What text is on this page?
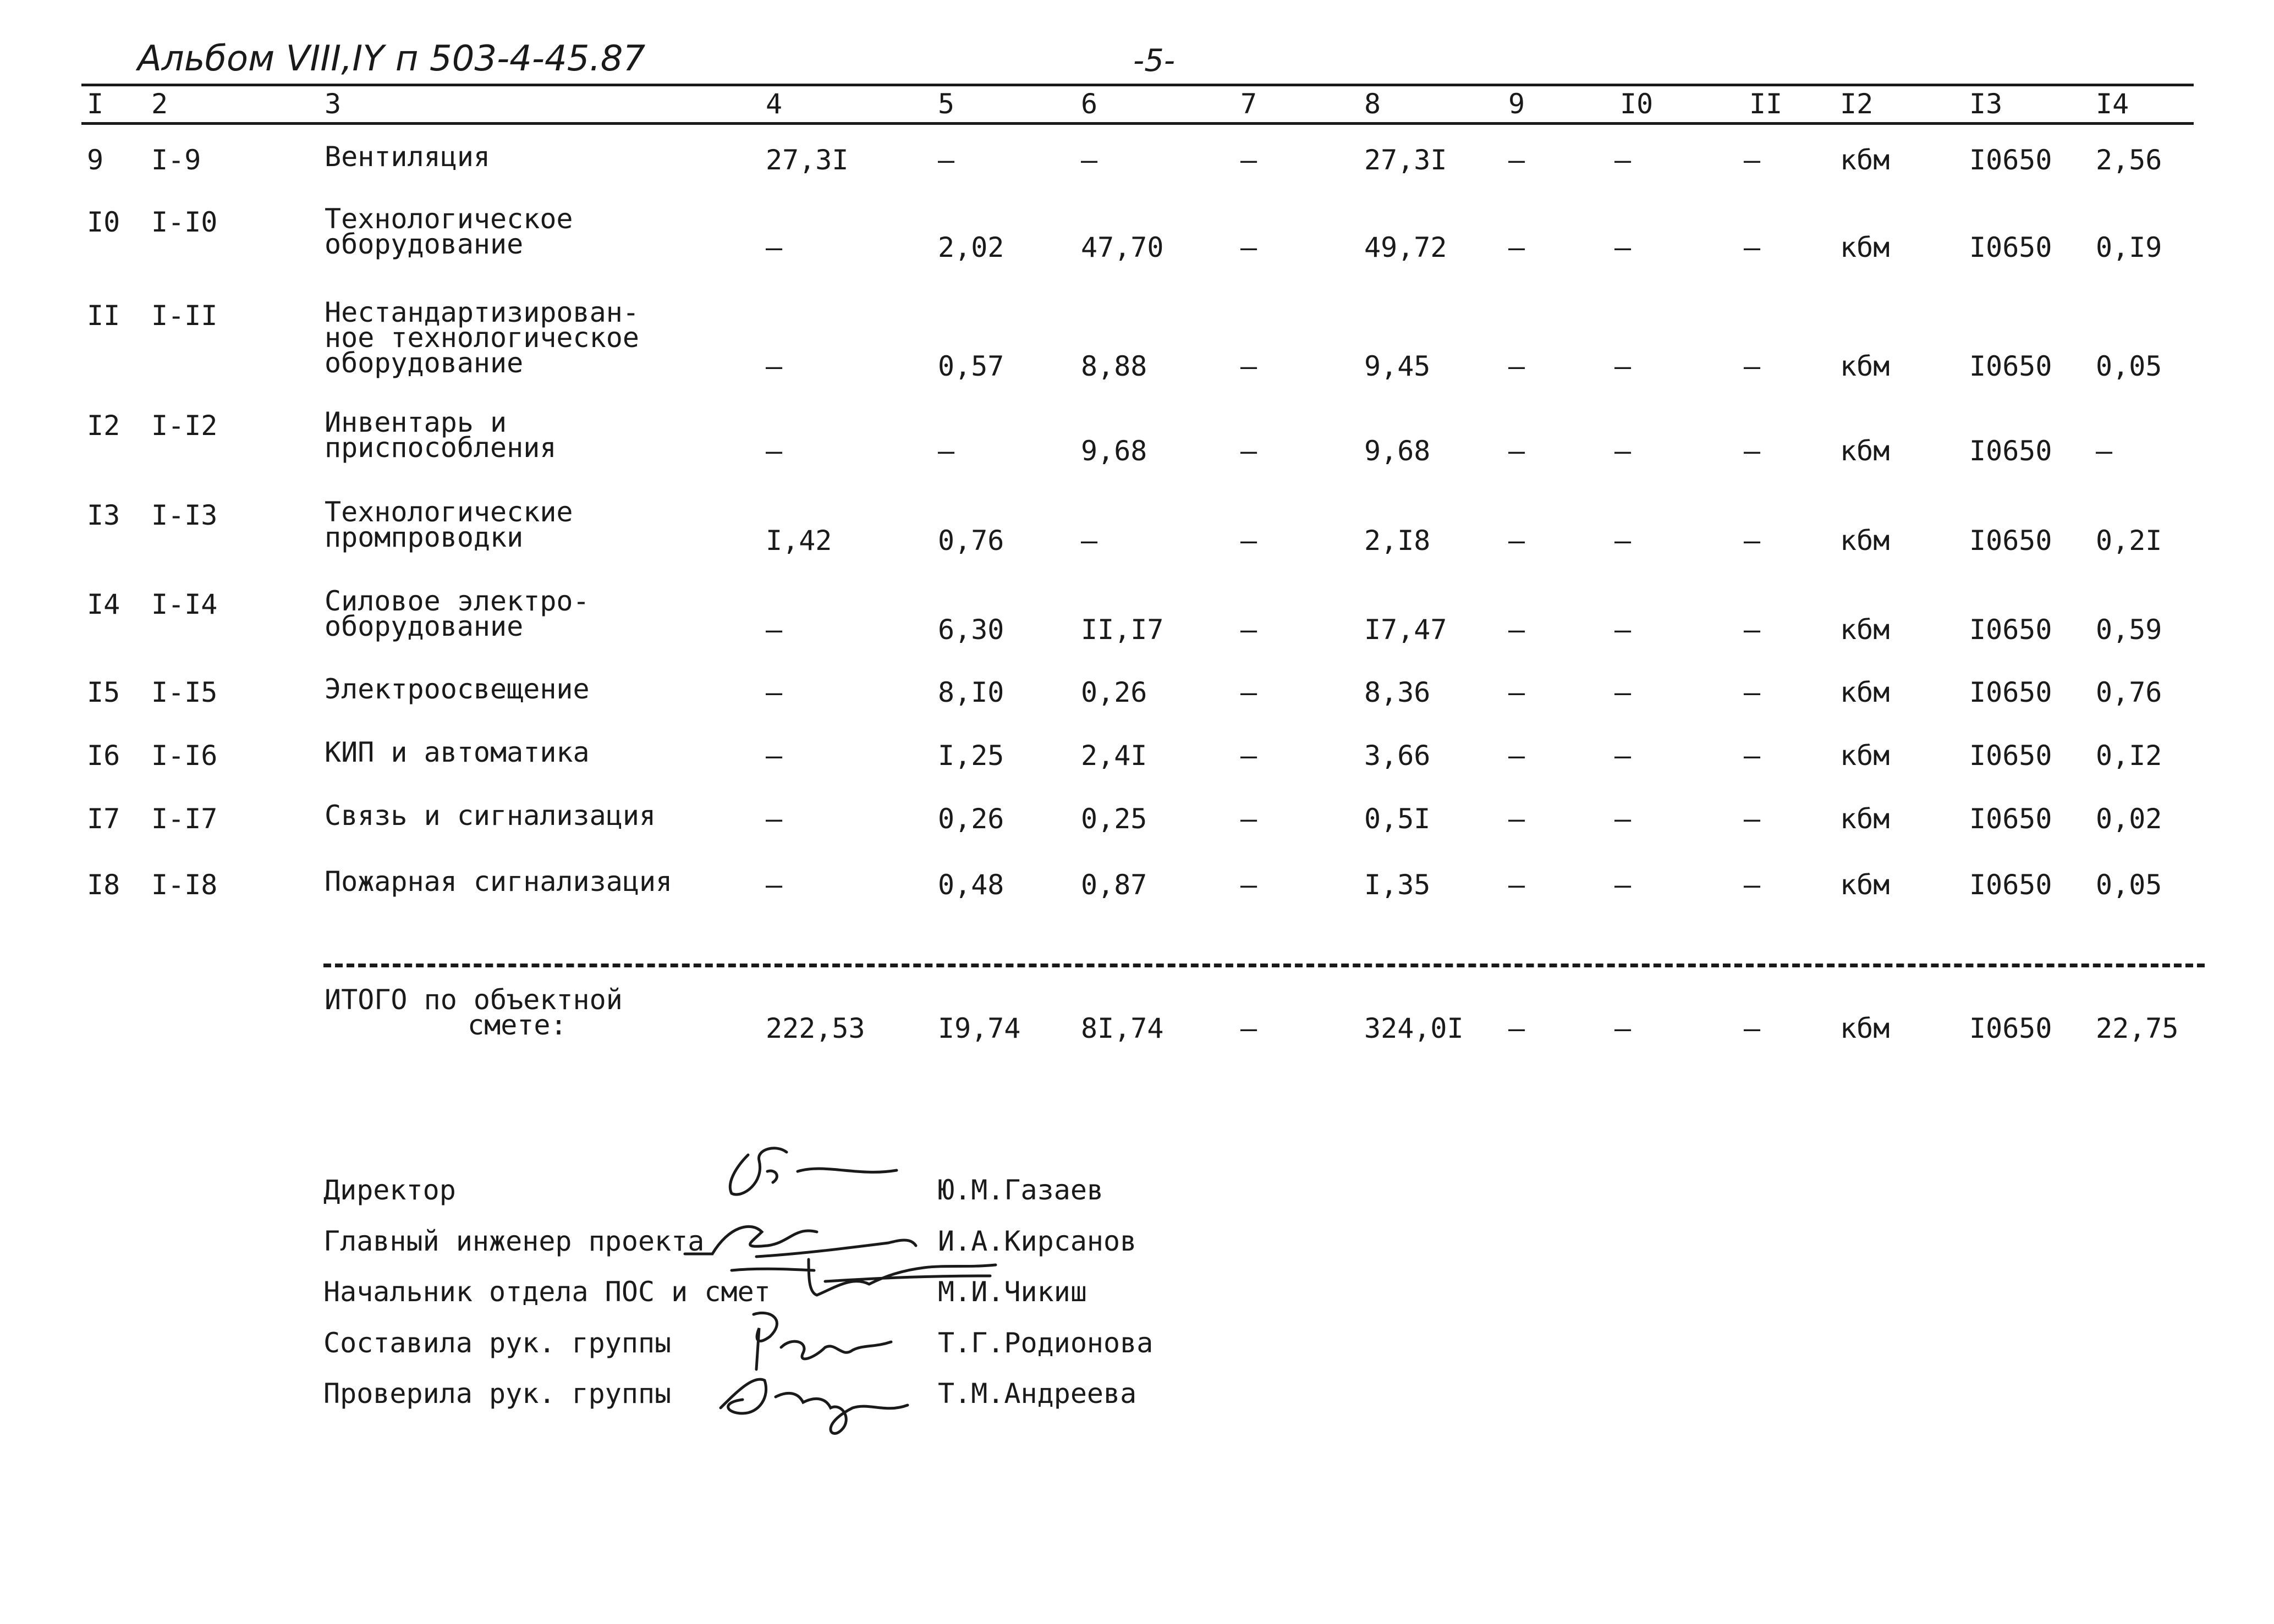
Альбом VIII,IY п 503-4-45.87	-5-
I 2	3	4	5	6	7	8	9	I0	II I2	I3	I4
9 I-9	Вентиляция	27,3I	–	–	–	27,3I –	–	–	кбм	I0650 2,56
I0 I-I0	Технологическое
оборудование	–	2,02	47,70	–	49,72 –	–	–	кбм	I0650 0,I9
II I-II	Нестандартизирован-
ное технологическое
оборудование	–	0,57	8,88	–	9,45	–	–	–	кбм	I0650 0,05
I2 I-I2	Инвентарь и
приспособления	–	–	9,68	–	9,68	–	–	–	кбм	I0650 –
I3 I-I3	Технологические
промпроводки	I,42	0,76	–	–	2,I8	–	–	–	кбм	I0650 0,2I
I4 I-I4	Силовое электро-
оборудование	–	6,30	II,I7	–	I7,47 –	–	–	кбм	I0650 0,59
I5 I-I5	Электроосвещение	–	8,I0	0,26	–	8,36	–	–	–	кбм	I0650 0,76
I6 I-I6	КИП и автоматика	–	I,25	2,4I	–	3,66	–	–	–	кбм	I0650 0,I2
I7 I-I7	Связь и сигнализация	–	0,26	0,25	–	0,5I	–	–	–	кбм	I0650 0,02
I8 I-I8	Пожарная сигнализация	–	0,48	0,87	–	I,35	–	–	–	кбм	I0650 0,05
ИТОГО по объектной
смете:	222,53	I9,74 8I,74	–	324,0I –	–	–	кбм	I0650 22,75
Директор	Ю.М.Газаев
Главный инженер проекта	И.А.Кирсанов
Начальник отдела ПОС и смет	М.И.Чикиш
Составила рук. группы	Т.Г.Родионова
Проверила рук. группы	Т.М.Андреева
